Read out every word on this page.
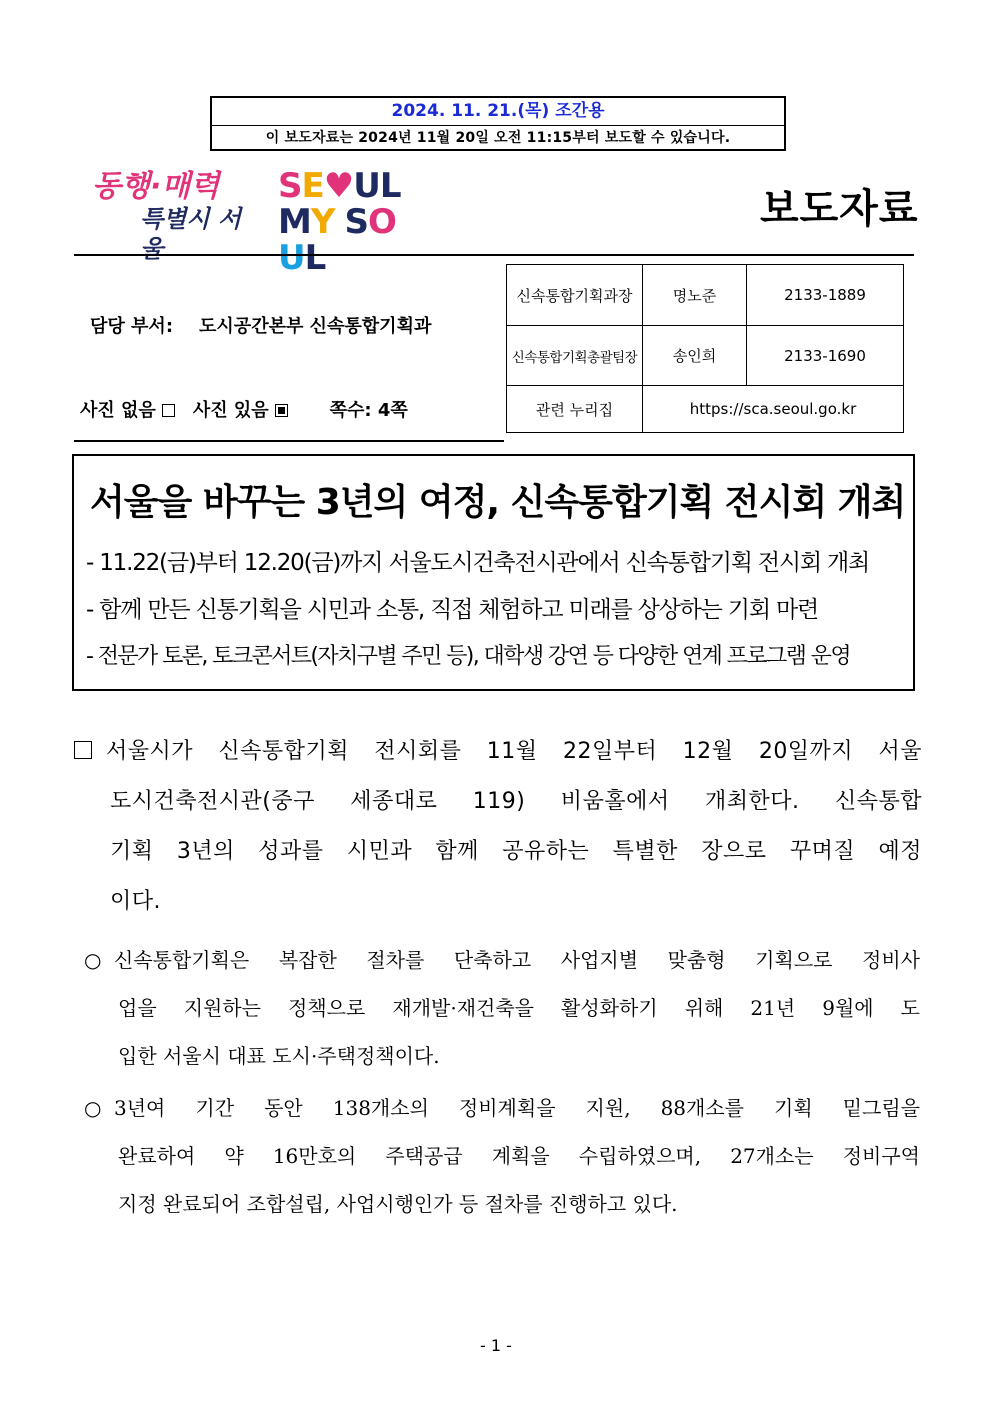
2024. 11. 21.(목) 조간용
이 보도자료는 2024년 11월 20일 오전 11:15부터 보도할 수 있습니다.
동행·매력
특별시 서울
SE♥UL
MY SOUL
보도자료
담당 부서: 도시공간본부 신속통합기획과
신속통합기획과장	명노준	2133-1889
신속통합기획총괄팀장	송인희	2133-1690
관련 누리집	https://sca.seoul.go.kr	
사진 없음 사진 있음	쪽수: 4쪽
서울을 바꾸는 3년의 여정, 신속통합기획 전시회 개최
- 11.22(금)부터 12.20(금)까지 서울도시건축전시관에서 신속통합기획 전시회 개최
- 함께 만든 신통기획을 시민과 소통, 직접 체험하고 미래를 상상하는 기회 마련
- 전문가 토론, 토크콘서트(자치구별 주민 등), 대학생 강연 등 다양한 연계 프로그램 운영
서울시가 신속통합기획 전시회를 11월 22일부터 12월 20일까지 서울
도시건축전시관(중구 세종대로 119) 비움홀에서 개최한다. 신속통합
기획 3년의 성과를 시민과 함께 공유하는 특별한 장으로 꾸며질 예정
이다.
○ 신속통합기획은 복잡한 절차를 단축하고 사업지별 맞춤형 기획으로 정비사
업을 지원하는 정책으로 재개발·재건축을 활성화하기 위해 21년 9월에 도
입한 서울시 대표 도시·주택정책이다.
○ 3년여 기간 동안 138개소의 정비계획을 지원, 88개소를 기획 밑그림을
완료하여 약 16만호의 주택공급 계획을 수립하였으며, 27개소는 정비구역
지정 완료되어 조합설립, 사업시행인가 등 절차를 진행하고 있다.
- 1 -
